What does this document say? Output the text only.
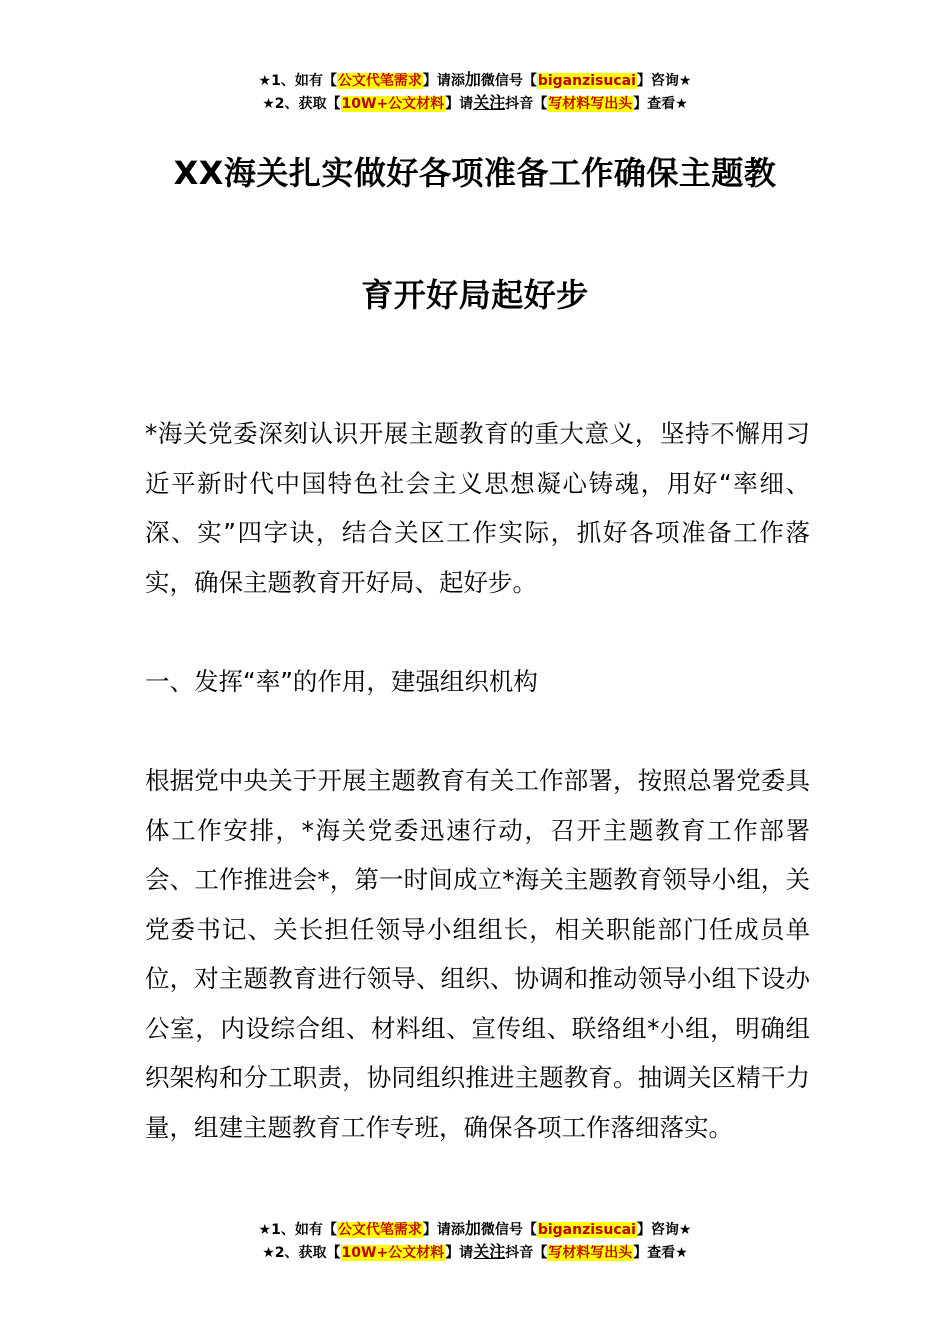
★1、如有【公文代笔需求】请添加微信号【biganzisucai】咨询★
★2、获取【10W+公文材料】请关注抖音【写材料写出头】查看★
XX海关扎实做好各项准备工作确保主题教
育开好局起好步

*海关党委深刻认识开展主题教育的重大意义，坚持不懈用习近平新时代中国特色社会主义思想凝心铸魂，用好“率细、深、实”四字诀，结合关区工作实际，抓好各项准备工作落实，确保主题教育开好局、起好步。

一、发挥“率”的作用，建强组织机构

根据党中央关于开展主题教育有关工作部署，按照总署党委具体工作安排，*海关党委迅速行动，召开主题教育工作部署会、工作推进会*，第一时间成立*海关主题教育领导小组，关党委书记、关长担任领导小组组长，相关职能部门任成员单位，对主题教育进行领导、组织、协调和推动领导小组下设办公室，内设综合组、材料组、宣传组、联络组*小组，明确组织架构和分工职责，协同组织推进主题教育。抽调关区精干力量，组建主题教育工作专班，确保各项工作落细落实。

★1、如有【公文代笔需求】请添加微信号【biganzisucai】咨询★
★2、获取【10W+公文材料】请关注抖音【写材料写出头】查看★
